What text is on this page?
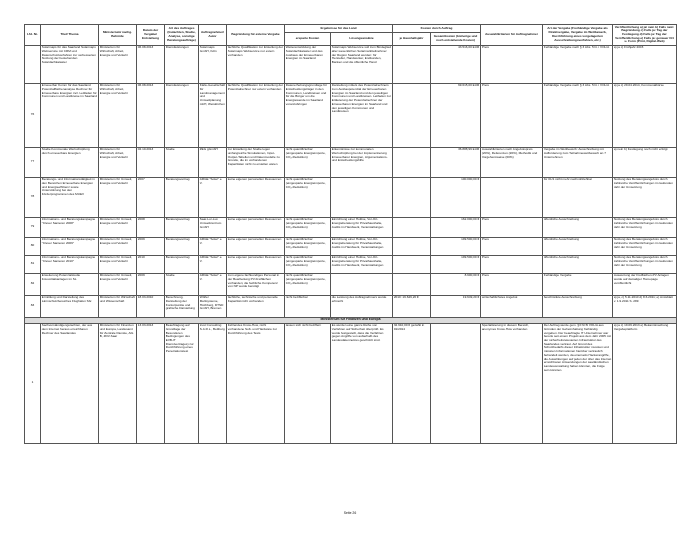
Lfd. Nr.	Titel/ Thema	Ministerium/ nachg. Behörde	Datum der Vergabe/ Entstehung	Art des Auftrages (Gutachten, Studie, Analyse, sonstige Beratungsaufträge)	Auftragnehmer/ Autor	Begründung für externe Vergabe	Ergebnisse für das Land		Kosten durch Auftrag		Auswahlkriterien für Auftragnehmer	Art der Vergabe (Freihändige Vergabe als Direktvergabe, Vergabe im Wettbewerb, Durchführung eines vorgelagerten Ausschreibungsverfahren, etc.)	Veröffentlichung a) ja/ nein b) Falls nein: Begründung c) Falls ja: Tag der Festlegung d) Falls ja: Tag der Veröffentlichung e) Falls ja: genauer Ort u. Form (Print, Digital-Web)
							ersparte Kosten	Lösungsansätze	je Haushaltsjahr	Gesamtkosten (bisherige und noch entstehende Kosten)			
	Solarmaps für das Saarland Solarmaps Webservice mit CRM und Datenschutzverfahren zur verbesserten Nutzung der bestehenden Solardachkataster	Ministerium für Wirtschaft, Arbeit, Energie und Verkehr	06.08.2013	Dienstleistungen	Solarmaps GmbH, Köln	fachliche Qualifikation zur Erstellung der Solarmaps Webservice nur extern vorhanden	Weiterentwicklung der Solardachkataster und des Ausbaus der Erneuerbaren Energien im Saarland	Solarmaps Webservice soll zum Bindeglied aller wesentlichen Solarmarktteilnehmer der Region Saarland werden: für Hersteller, Handwerker, Endkunden, Banken und die öffentliche Hand		43.516,00 EUR	Preis	freihändige Vergabe nach § 3 Abs. 5 lit. i VOL/A	a) ja c) Frühjahr 2015
76	Erneuerbar Komm für das Saarland Potenzialflächenanalyse Rechner für Erneuerbare Energien incl. Leitfaden für Kommunen und Landkreise im Saarland	Ministerium für Wirtschaft, Arbeit, Energie und Verkehr	06.08.2013	Dienstleistungen	Kärle-Gesellschaft für Landmanagement und Umweltplanung mbH, Weiskirchen	fachliche Qualifikation zur Erstellung der Potenzialrechner nur extern vorhanden	Datenerhebungsgrundlage für Entscheidungsträger in den Kommunen, Landkreisen und für die Bürger um die Energiewende im Saarland voranzubringen	Darstellung mittels des Potenzialrechners zum Ausbaupotenzial der Erneuerbaren Energien im Saarland und den jeweiligen Kommunen und Landkreisen. Leitfaden zur Erläuterung der Potenzialrechner der Erneuerbaren Energien im Saarland und den jeweiligen Kommunen und Landkreisen		69.615,00 EUR	Preis	freihändige Vergabe nach § 3 Abs. 5 lit. i VOL/A	a) ja c) 29.04.2014, Kommunalbörse
77	Studie Kommunale Wertschöpfung durch erneuerbare Energien	Ministerium für Wirtschaft, Arbeit, Energie und Verkehr	02.10.2013	Studie	ZEG gGmbH	zur Erstellung der Studie legen umfangreiche Simulationen, Input-Output-Tabellen und Datenmodelle zu Grunde, die im vorhandenen Kapazitäten nicht zu erstellen waren	nicht quantifizierbar (eingesparte Energieimporte, CO₂-Reduktion)	Erkenntnisse zur kommunalen Wertschöpfung bei der Implementierung Erneuerbarer Energien, Argumentations- und Entscheidungshilfe		36.888,99 EUR	Auswahlkriterien nach Angebotspreis (20%), Referenzen (20%), Methodik und Vorgehensweise (60%)	Vergabe im Wettbewerb: Ausschreibung mit Aufforderung zum Teilnahmewettbewerb an 7 Unternehmen	a) nein b) Festlegung noch nicht erfolgt
78	Beratungs- und Informationstätigkeit in den Bereichen Erneuerbare Energien und Energieeffizienz sowie Unterstützung bei den Förderprogrammen des MUEV	Ministerium für Umwelt, Energie und Verkehr	2007	Beratungsvertrag	ARGE "Solar" e. V.	keine eigenen personellen Ressourcen	nicht quantifizierbar (eingesparte Energieimporte, CO₂-Reduktion)			100.000,00 €		für 01/1 nicht mehr nachvollziehbar	Nutzung des Beratungsangebots durch zahlreiche Veröffentlichungen im laufenden Jahr der Umsetzung
79	Informations- und Beratungskampagne "Clever Sanieren 2008"	Ministerium für Umwelt, Energie und Verkehr	2008	Beratungsvertrag	Saar-Lor-Lux Umweltzentrum GmbH	keine eigenen personellen Ressourcen	nicht quantifizierbar (eingesparte Energieimporte, CO₂-Reduktion)	Einrichtung einer Hotline, Vor-Ort-Energieberatung für Privathaushalte, Audits im Handwerk, Veranstaltungen		162.000,00 €	Preis	öffentliche Ausschreibung	Nutzung des Beratungsangebots durch zahlreiche Veröffentlichungen im laufenden Jahr der Umsetzung
80	Informations- und Beratungskampagne "Clever Sanieren 2009"	Ministerium für Umwelt, Energie und Verkehr	2009	Beratungsvertrag	ARGE "Solar" e. V.	keine eigenen personellen Ressourcen	nicht quantifizierbar (eingesparte Energieimporte, CO₂-Reduktion)	Einrichtung einer Hotline, Vor-Ort-Energieberatung für Privathaushalte, Audits im Handwerk, Veranstaltungen		199.500,00 €	Preis	öffentliche Ausschreibung	Nutzung des Beratungsangebots durch zahlreiche Veröffentlichungen im laufenden Jahr der Umsetzung
81	Informations- und Beratungskampagne "Clever Sanieren 2010"	Ministerium für Umwelt, Energie und Verkehr	2010	Beratungsvertrag	ARGE "Solar" e. V.	keine eigenen personellen Ressourcen	nicht quantifizierbar (eingesparte Energieimporte, CO₂-Reduktion)	Einrichtung einer Hotline, Vor-Ort-Energieberatung für Privathaushalte, Audits im Handwerk, Veranstaltungen		199.500,00 €	Preis	öffentliche Ausschreibung	Nutzung des Beratungsangebots durch zahlreiche Veröffentlichungen im laufenden Jahr der Umsetzung
82	Erweiterung Potenzialstudie Fotovoltaikanlagen im SL	Ministerium für Umwelt, Energie und Verkehr	2009	Studie	ARGE "Solar" e. V.	zum eigene fachkundiges Personal in der Bearbeitung PV-Freiflächen vorhanden; die fachliche Kompetenz von NP wurde benötigt	nicht quantifizierbar (eingesparte Energieimporte, CO₂-Reduktion)			8.900,00 €	Preis	freihändige Vergabe	Auswertung der Freiflächen-PV Anlagen wurde auf damaliger Homepage veröffentlicht
83	Ermittlung und Darstellung des Lärmschutzbereiches Flughafen Sbr.	Ministerium für Wirtschaft und Wissenschaft	18.03.2010	Berechnung, Darstellung der Konturpunkte und grafische Darstellung	Wölfel Meßsysteme, Höchberg, DTSD GmbH, Bremen	fachliche, technische und personelle Kapazität nicht vorhanden	nicht bezifferbar	die Leistung des Auftragnehmers wurde erbracht	2010: 19.649,20 €	19.649,20 €	wirtschaftlichstes Angebot	beschränkte Ausschreibung	a) ja, c) 5.11.2010 d) 8.6.2011; e) Amtsblatt v. 1.9.2011 S. 289
Ministerium für Finanzen und Europa													
1	Sachverständigengutachten, der aus dem Internet heraus erreichbaren Rechner des Saarlandes	Ministerium für Finanzen und Europa, Landesamt für Zentrale Dienste, Abt. B, ZDV-Saar	13.03.2013	Beauftragung auf Grundlage der Besonderen Bedingungen des EVB-IT Dienstvertrages) zur Durchführung eines Penetrationstest	trust Consulting S.A.R.L., Bettburg	Fehlendes Know-How, nicht vorhandene Soft- und Hardware zur Durchführung des Tests	lassen sich nicht beziffern	Es wurden eine ganze Reihe von Verfahren auf Sicherheit überprüft. Es wurde festgestellt, dass die Verfahren gegen Angriffe von außerhalb des Landesdatennetzes geschützt sind.	32.910,00 € gezahlt in 01/2014		Spezialisierung in diesem Bereich, anonymes Know-How vorhanden	Der Auftrag wurde gem. §3 Nr.5l VOL/A aus Gründen der Geheimhaltung freihändig vergeben. Der beauftragte IT Unternehmer war bereits seit einem Projekt aus dem Jahr 2005 mit der sicherheitsrelevanten Infrastruktur des Saarlandes vertraut. Auf Grund des Schutzbedarfs dieser Infrastruktur mussten und müssten Informationen hierüber vertraulich behandelt werden, da einerseits Hackerangriffe, die Auswirkungen auf jeden der über das Internet erreichbaren Anwendungen der saarländischen Landesverwaltung haben könnten, die Folge sein könnten.	a) ja c) 19.09.2013 e) Bekanntmachung Vergabeplattform
Seite 26
